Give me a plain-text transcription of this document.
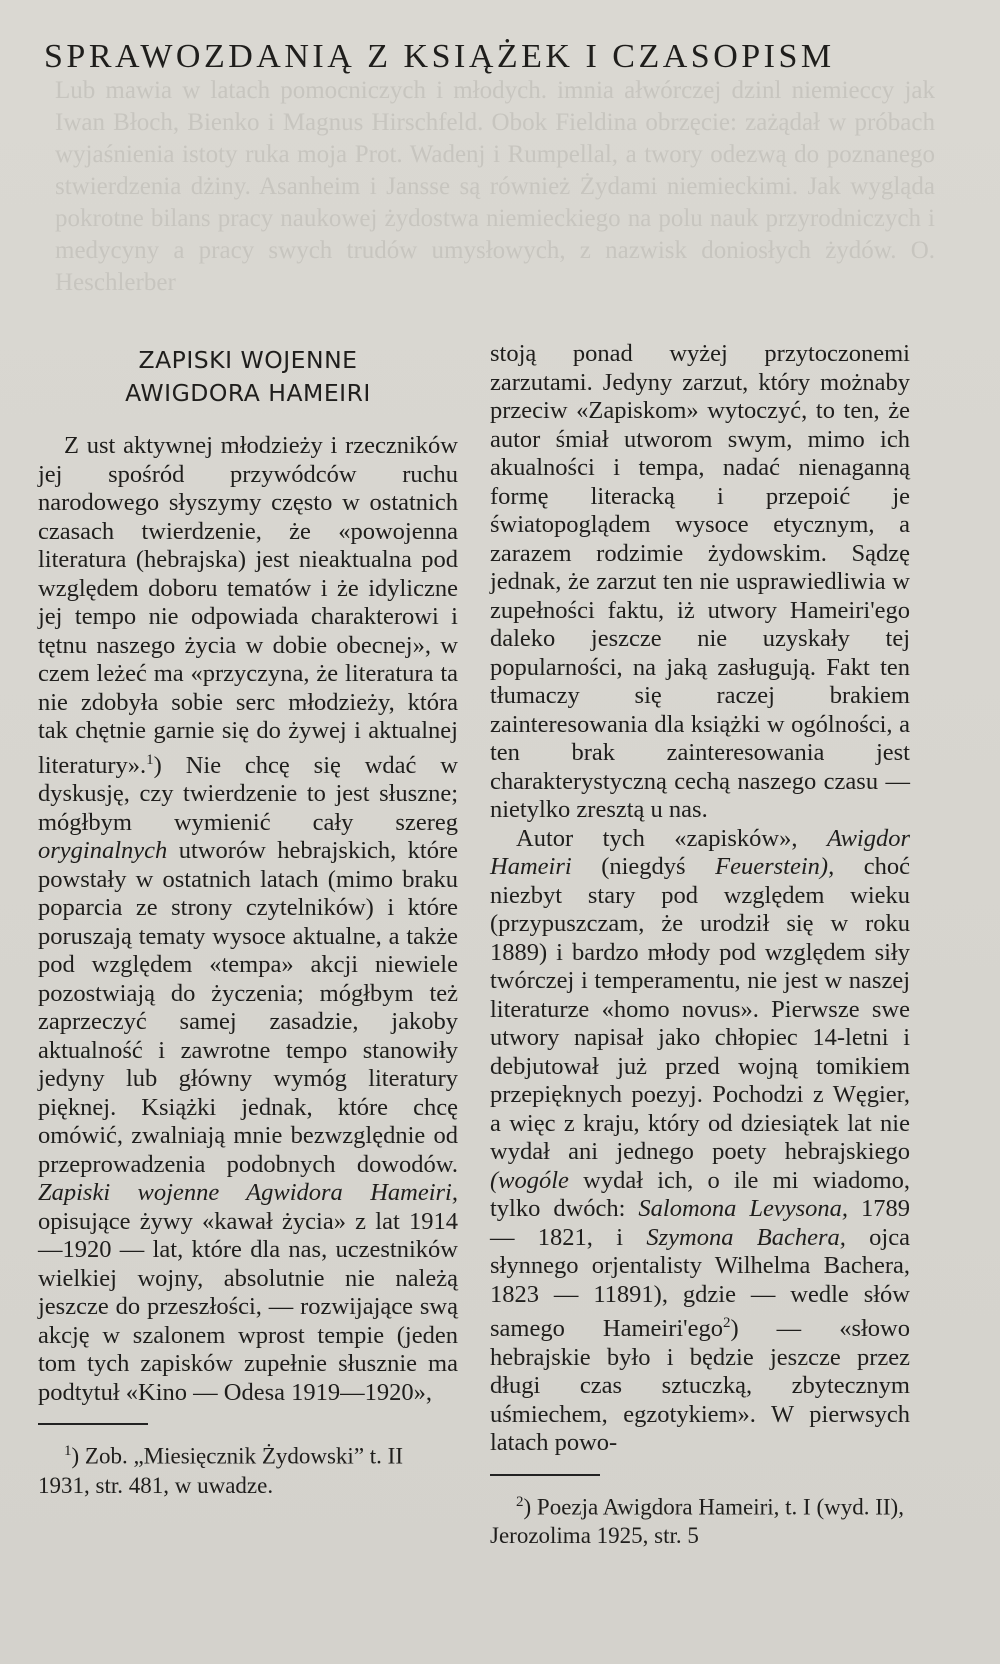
Lub mawia w latach pomocniczych i młodych. imnia ałwórczej dzinl niemieccy jak Iwan Błoch, Bienko i Magnus Hirschfeld. Obok Fieldina obrzęcie: zażądał w próbach wyjaśnienia istoty ruka moja Prot. Wadenj i Rumpellal, a twory odezwą do poznanego stwierdzenia dżiny. Asanheim i Jansse są również Żydami niemieckimi. Jak wygląda pokrotne bilans pracy naukowej żydostwa niemieckiego na polu nauk przyrodniczych i medycyny a pracy swych trudów umysłowych, z nazwisk doniosłych żydów. O. Heschlerber
SPRAWOZDANIĄ Z KSIĄŻEK I CZASOPISM
ZAPISKI WOJENNE
AWIGDORA HAMEIRI

Z ust aktywnej młodzieży i rzeczników jej spośród przywódców ruchu narodowego słyszymy często w ostatnich czasach twierdzenie, że «powojenna literatura (hebrajska) jest nieaktualna pod względem doboru tematów i że idyliczne jej tempo nie odpowiada charakterowi i tętnu naszego życia w dobie obecnej», w czem leżeć ma «przyczyna, że literatura ta nie zdobyła sobie serc młodzieży, która tak chętnie garnie się do żywej i aktualnej literatury».$^1$) Nie chcę się wdać w dyskusję, czy twierdzenie to jest słuszne; mógłbym wymienić cały szereg oryginalnych utworów hebrajskich, które powstały w ostatnich latach (mimo braku poparcia ze strony czytelników) i które poruszają tematy wysoce aktualne, a także pod względem «tempa» akcji niewiele pozostwiają do życzenia; mógłbym też zaprzeczyć samej zasadzie, jakoby aktualność i zawrotne tempo stanowiły jedyny lub główny wymóg literatury pięknej. Książki jednak, które chcę omówić, zwalniają mnie bezwzględnie od przeprowadzenia podobnych dowodów. Zapiski wojenne Agwidora Hameiri, opisujące żywy «kawał życia» z lat 1914—1920 — lat, które dla nas, uczestników wielkiej wojny, absolutnie nie należą jeszcze do przeszłości, — rozwijające swą akcję w szalonem wprost tempie (jeden tom tych zapisków zupełnie słusznie ma podtytuł «Kino — Odesa 1919—1920»,

$^1$) Zob. „Miesięcznik Żydowski” t. II 1931, str. 481, w uwadze.

stoją ponad wyżej przytoczonemi zarzutami. Jedyny zarzut, który możnaby przeciw «Zapiskom» wytoczyć, to ten, że autor śmiał utworom swym, mimo ich akualności i tempa, nadać nienaganną formę literacką i przepoić je światopoglądem wysoce etycznym, a zarazem rodzimie żydowskim. Sądzę jednak, że zarzut ten nie usprawiedliwia w zupełności faktu, iż utwory Hameiri'ego daleko jeszcze nie uzyskały tej popularności, na jaką zasługują. Fakt ten tłumaczy się raczej brakiem zainteresowania dla książki w ogólności, a ten brak zainteresowania jest charakterystyczną cechą naszego czasu — nietylko zresztą u nas.

Autor tych «zapisków», Awigdor Hameiri (niegdyś Feuerstein), choć niezbyt stary pod względem wieku (przypuszczam, że urodził się w roku 1889) i bardzo młody pod względem siły twórczej i temperamentu, nie jest w naszej literaturze «homo novus». Pierwsze swe utwory napisał jako chłopiec 14-letni i debjutował już przed wojną tomikiem przepięknych poezyj. Pochodzi z Węgier, a więc z kraju, który od dziesiątek lat nie wydał ani jednego poety hebrajskiego (wogóle wydał ich, o ile mi wiadomo, tylko dwóch: Salomona Levysona, 1789 — 1821, i Szymona Bachera, ojca słynnego orjentalisty Wilhelma Bachera, 1823 — 11891), gdzie — wedle słów samego Hameiri'ego$^2$) — «słowo hebrajskie było i będzie jeszcze przez długi czas sztuczką, zbytecznym uśmiechem, egzotykiem». W pierwsych latach powo-

$^2$) Poezja Awigdora Hameiri, t. I (wyd. II), Jerozolima 1925, str. 5
